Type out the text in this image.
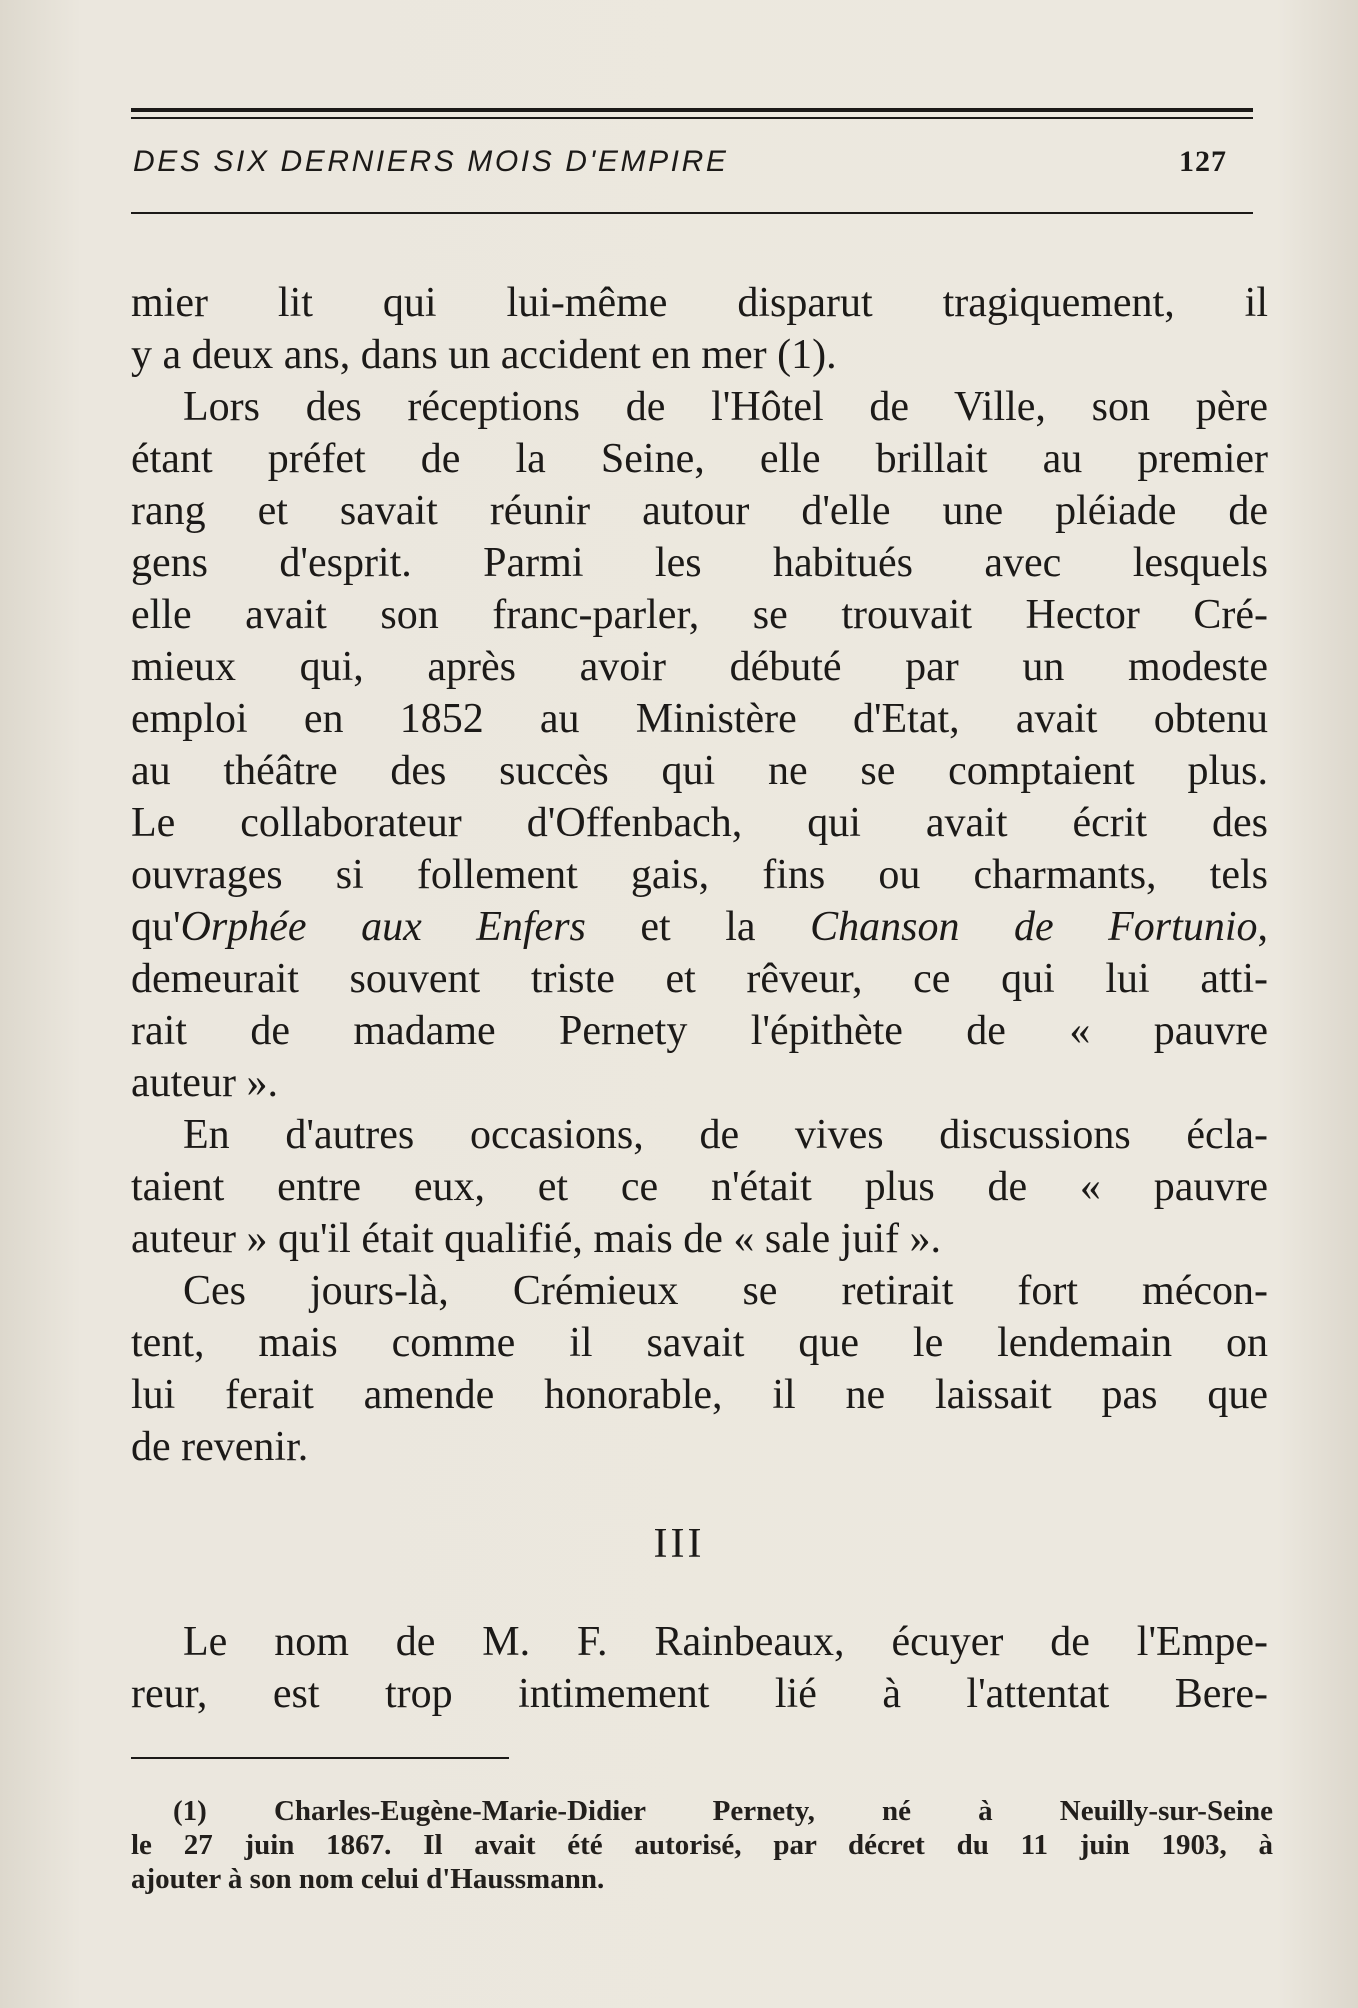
DES SIX DERNIERS MOIS D'EMPIRE	127
mier lit qui lui-même disparut tragiquement, il
y a deux ans, dans un accident en mer (1).
Lors des réceptions de l'Hôtel de Ville, son père
étant préfet de la Seine, elle brillait au premier
rang et savait réunir autour d'elle une pléiade de
gens d'esprit. Parmi les habitués avec lesquels
elle avait son franc-parler, se trouvait Hector Cré-
mieux qui, après avoir débuté par un modeste
emploi en 1852 au Ministère d'Etat, avait obtenu
au théâtre des succès qui ne se comptaient plus.
Le collaborateur d'Offenbach, qui avait écrit des
ouvrages si follement gais, fins ou charmants, tels
qu'Orphée aux Enfers et la Chanson de Fortunio,
demeurait souvent triste et rêveur, ce qui lui atti-
rait de madame Pernety l'épithète de « pauvre
auteur ».
En d'autres occasions, de vives discussions écla-
taient entre eux, et ce n'était plus de « pauvre
auteur » qu'il était qualifié, mais de « sale juif ».
Ces jours-là, Crémieux se retirait fort mécon-
tent, mais comme il savait que le lendemain on
lui ferait amende honorable, il ne laissait pas que
de revenir.
III
Le nom de M. F. Rainbeaux, écuyer de l'Empe-
reur, est trop intimement lié à l'attentat Bere-
(1) Charles-Eugène-Marie-Didier Pernety, né à Neuilly-sur-Seine
le 27 juin 1867. Il avait été autorisé, par décret du 11 juin 1903, à
ajouter à son nom celui d'Haussmann.
